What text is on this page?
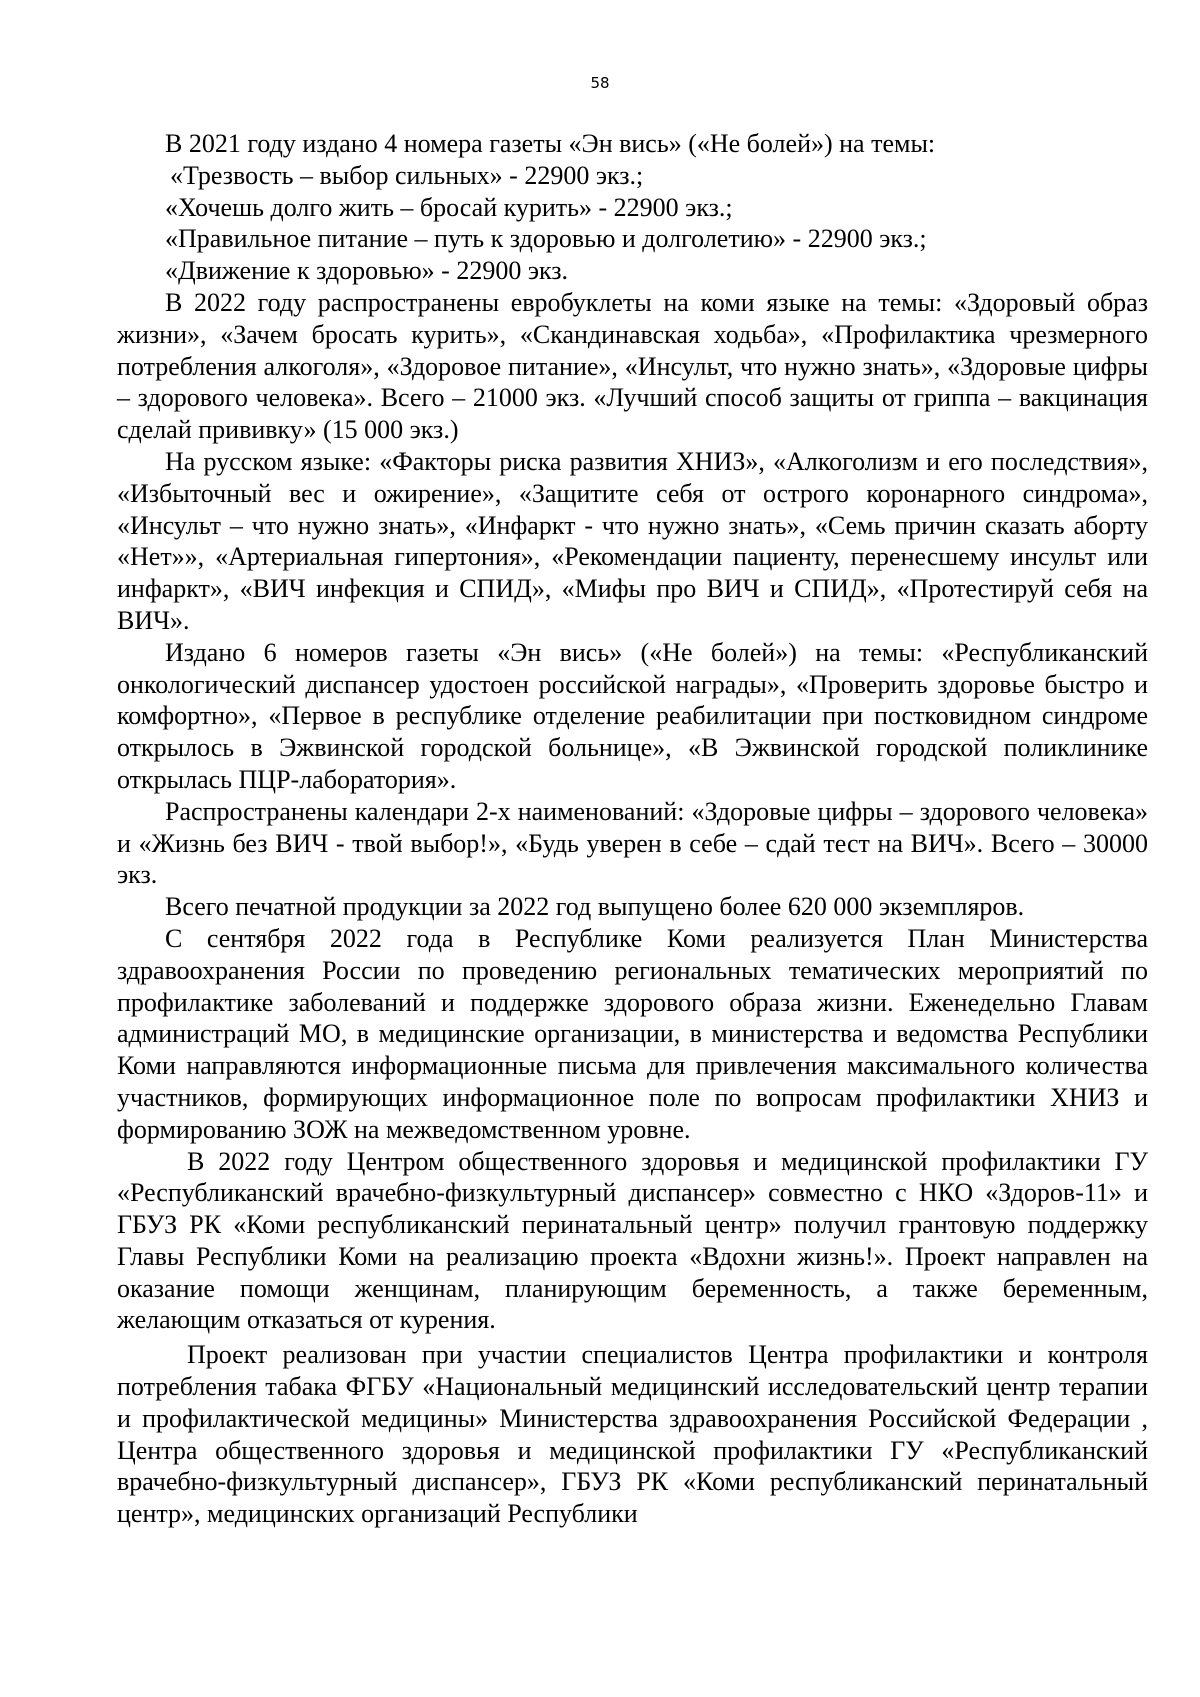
58

В 2021 году издано 4 номера газеты «Эн вись» («Не болей») на темы:

«Трезвость – выбор сильных» - 22900 экз.;

«Хочешь долго жить – бросай курить» - 22900 экз.;

«Правильное питание – путь к здоровью и долголетию» - 22900 экз.;

«Движение к здоровью» - 22900 экз.

В 2022 году распространены евробуклеты на коми языке на темы: «Здоровый образ жизни», «Зачем бросать курить», «Скандинавская ходьба», «Профилактика чрезмерного потребления алкоголя», «Здоровое питание», «Инсульт, что нужно знать», «Здоровые цифры – здорового человека». Всего – 21000 экз. «Лучший способ защиты от гриппа – вакцинация сделай прививку» (15 000 экз.)

На русском языке: «Факторы риска развития ХНИЗ», «Алкоголизм и его последствия», «Избыточный вес и ожирение», «Защитите себя от острого коронарного синдрома», «Инсульт – что нужно знать», «Инфаркт - что нужно знать», «Семь причин сказать аборту «Нет»», «Артериальная гипертония», «Рекомендации пациенту, перенесшему инсульт или инфаркт», «ВИЧ инфекция и СПИД», «Мифы про ВИЧ и СПИД», «Протестируй себя на ВИЧ».

Издано 6 номеров газеты «Эн вись» («Не болей») на темы: «Республиканский онкологический диспансер удостоен российской награды», «Проверить здоровье быстро и комфортно», «Первое в республике отделение реабилитации при постковидном синдроме открылось в Эжвинской городской больнице», «В Эжвинской городской поликлинике открылась ПЦР-лаборатория».

Распространены календари 2-х наименований: «Здоровые цифры – здорового человека» и «Жизнь без ВИЧ - твой выбор!», «Будь уверен в себе – сдай тест на ВИЧ». Всего – 30000 экз.

Всего печатной продукции за 2022 год выпущено более 620 000 экземпляров.

С сентября 2022 года в Республике Коми реализуется План Министерства здравоохранения России по проведению региональных тематических мероприятий по профилактике заболеваний и поддержке здорового образа жизни. Еженедельно Главам администраций МО, в медицинские организации, в министерства и ведомства Республики Коми направляются информационные письма для привлечения максимального количества участников, формирующих информационное поле по вопросам профилактики ХНИЗ и формированию ЗОЖ на межведомственном уровне.

В 2022 году Центром общественного здоровья и медицинской профилактики ГУ «Республиканский врачебно-физкультурный диспансер» совместно с НКО «Здоров-11» и ГБУЗ РК «Коми республиканский перинатальный центр» получил грантовую поддержку Главы Республики Коми на реализацию проекта «Вдохни жизнь!». Проект направлен на оказание помощи женщинам, планирующим беременность, а также беременным, желающим отказаться от курения.

Проект реализован при участии специалистов Центра профилактики и контроля потребления табака ФГБУ «Национальный медицинский исследовательский центр терапии и профилактической медицины» Министерства здравоохранения Российской Федерации , Центра общественного здоровья и медицинской профилактики ГУ «Республиканский врачебно-физкультурный диспансер», ГБУЗ РК «Коми республиканский перинатальный центр», медицинских организаций Республики
